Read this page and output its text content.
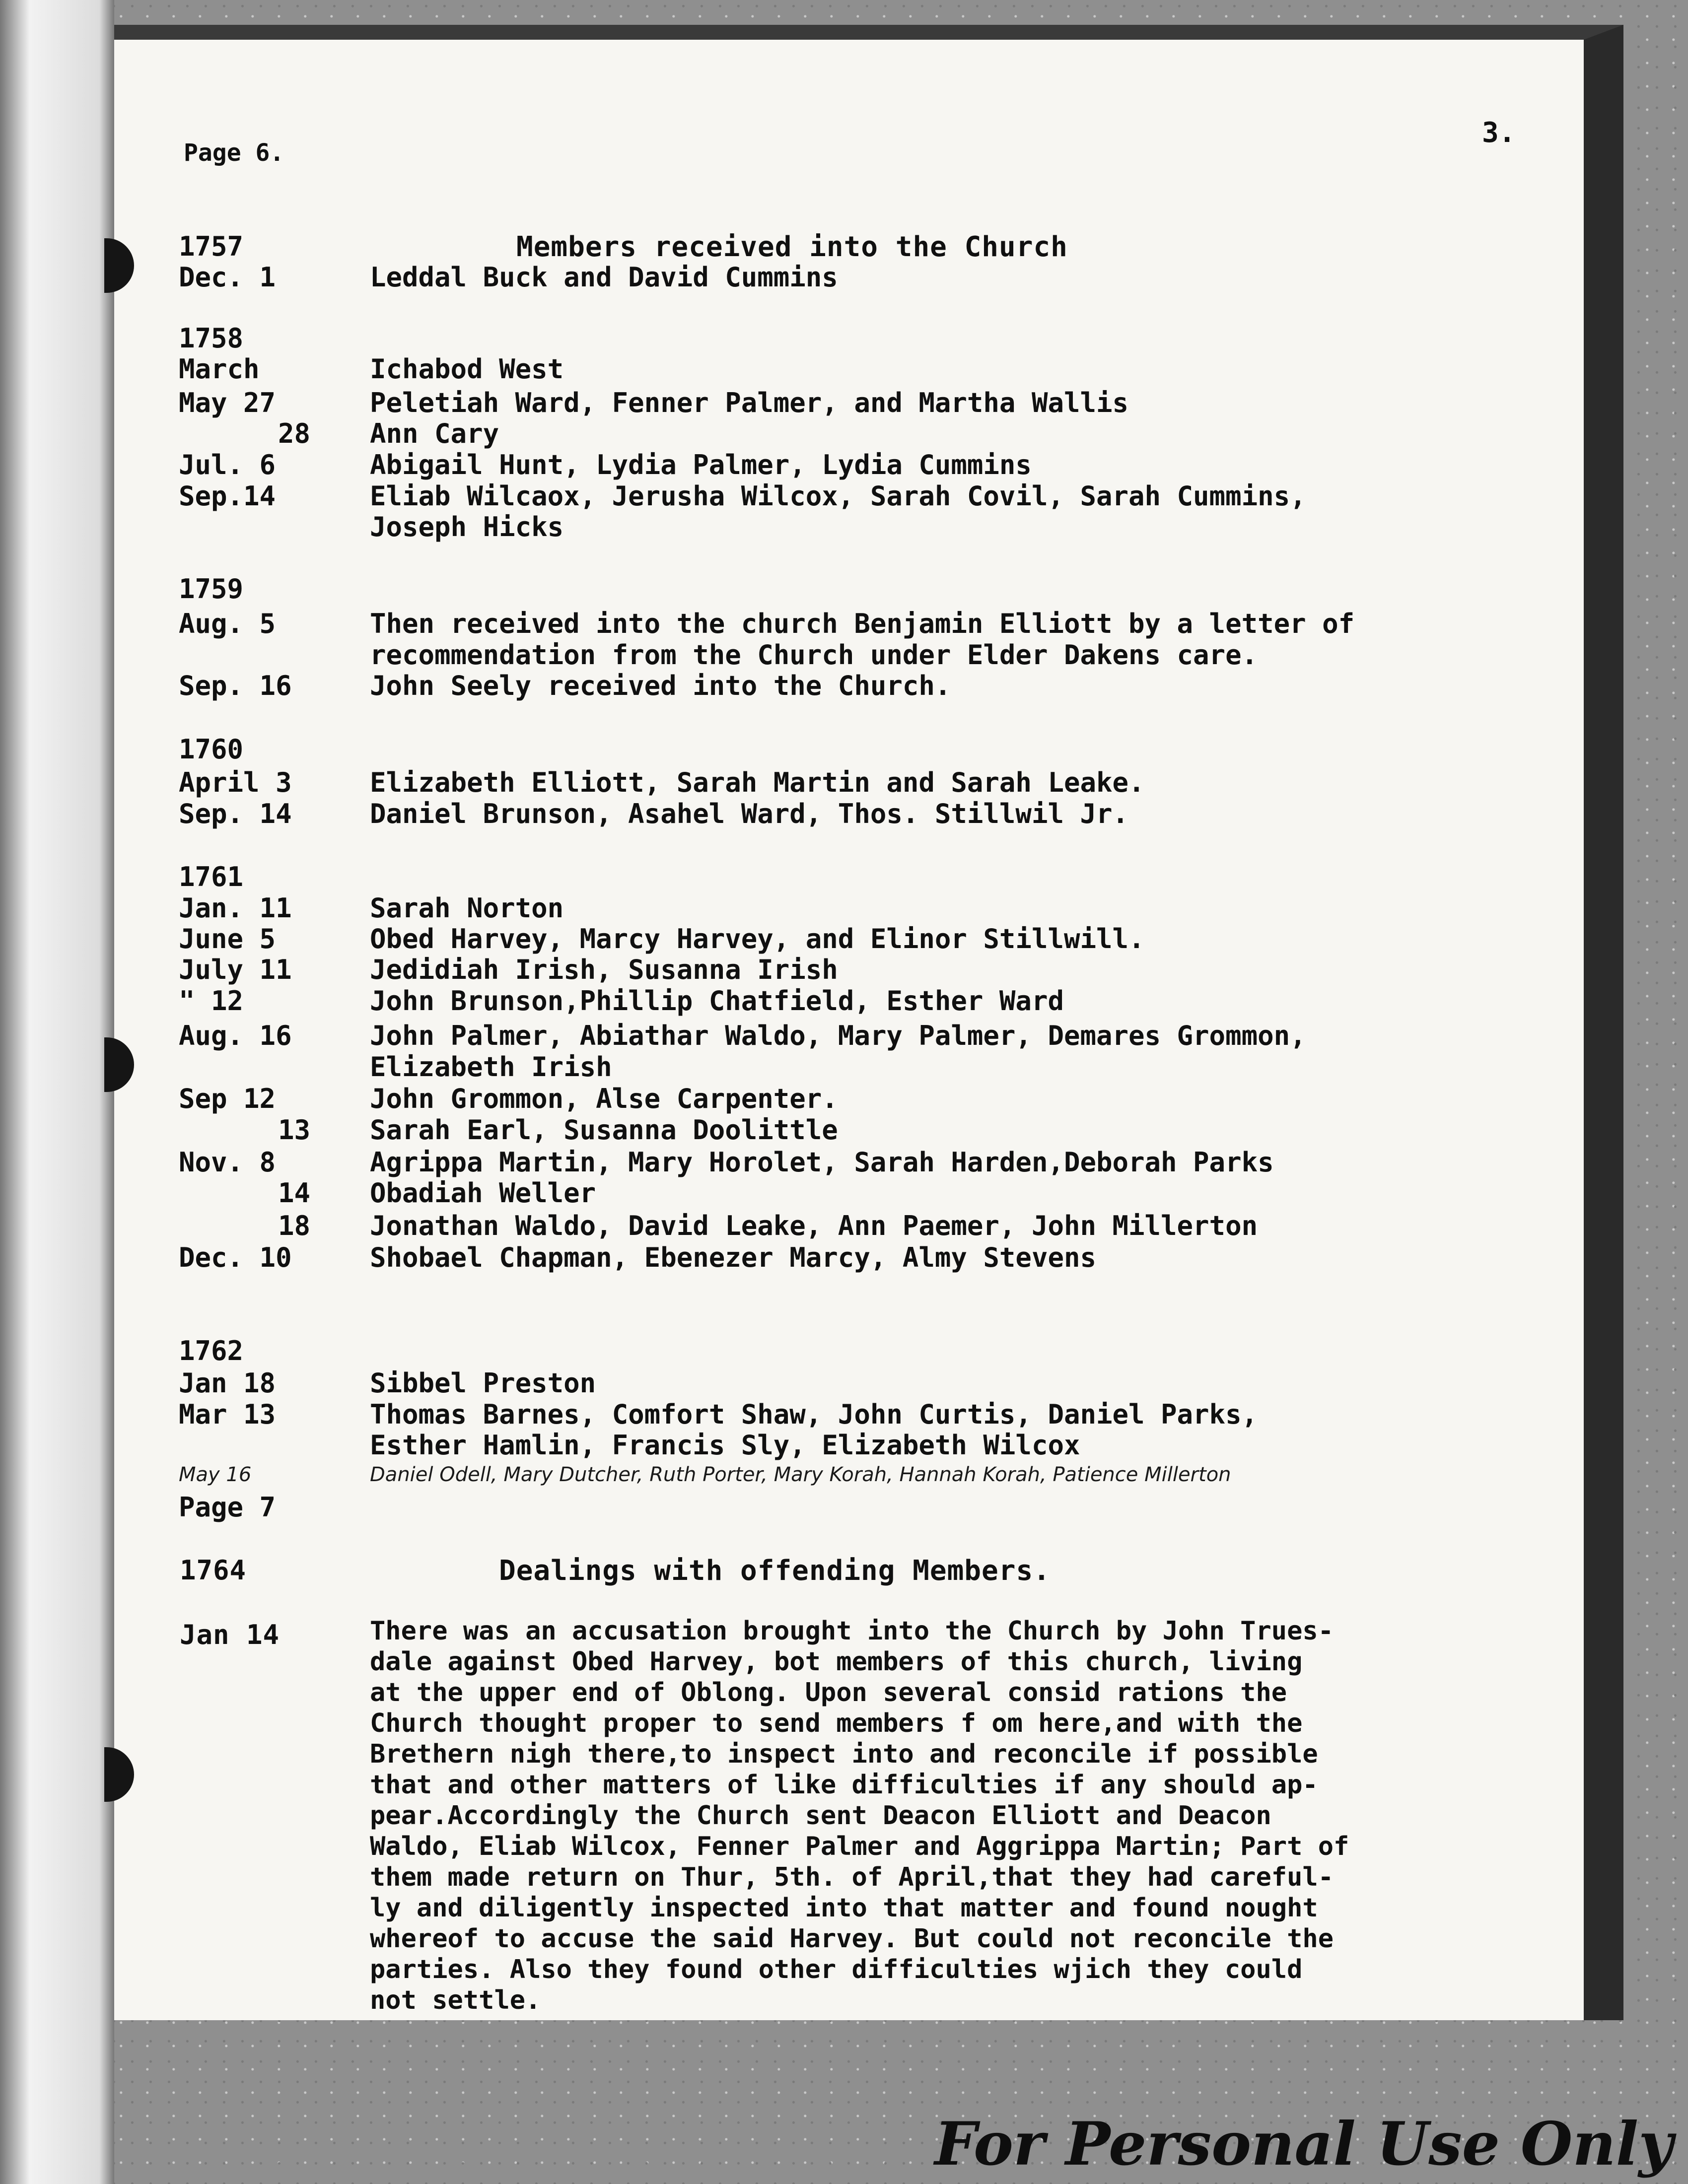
Page 6.
3.
Members received into the Church
1757
Dec. 1	Leddal Buck and David Cummins
1758
March	Ichabod West
May 27	Peletiah Ward, Fenner Palmer, and Martha Wallis
28 Ann Cary
Jul. 6	Abigail Hunt, Lydia Palmer, Lydia Cummins
Sep.14	Eliab Wilcaox, Jerusha Wilcox, Sarah Covil, Sarah Cummins,
Joseph Hicks
1759
Aug. 5	Then received into the church Benjamin Elliott by a letter of
recommendation from the Church under Elder Dakens care.
Sep. 16	John Seely received into the Church.
1760
April 3	Elizabeth Elliott, Sarah Martin and Sarah Leake.
Sep. 14	Daniel Brunson, Asahel Ward, Thos. Stillwil Jr.
1761
Jan. 11	Sarah Norton
June 5	Obed Harvey, Marcy Harvey, and Elinor Stillwill.
July 11	Jedidiah Irish, Susanna Irish
" 12	John Brunson,Phillip Chatfield, Esther Ward
Aug. 16	John Palmer, Abiathar Waldo, Mary Palmer, Demares Grommon,
Elizabeth Irish
Sep 12	John Grommon, Alse Carpenter.
13 Sarah Earl, Susanna Doolittle
Nov. 8	Agrippa Martin, Mary Horolet, Sarah Harden,Deborah Parks
14 Obadiah Weller
18 Jonathan Waldo, David Leake, Ann Paemer, John Millerton
Dec. 10	Shobael Chapman, Ebenezer Marcy, Almy Stevens
1762
Jan 18	Sibbel Preston
Mar 13	Thomas Barnes, Comfort Shaw, John Curtis, Daniel Parks,
Esther Hamlin, Francis Sly, Elizabeth Wilcox
May 16	Daniel Odell, Mary Dutcher, Ruth Porter, Mary Korah, Hannah Korah, Patience Millerton
Page 7
1764	Dealings with offending Members.
Jan 14	There was an accusation brought into the Church by John Trues-
dale against Obed Harvey, bot members of this church, living
at the upper end of Oblong. Upon several consid rations the
Church thought proper to send members f om here,and with the
Brethern nigh there,to inspect into and reconcile if possible
that and other matters of like difficulties if any should ap-
pear.Accordingly the Church sent Deacon Elliott and Deacon
Waldo, Eliab Wilcox, Fenner Palmer and Aggrippa Martin; Part of
them made return on Thur, 5th. of April,that they had careful-
ly and diligently inspected into that matter and found nought
whereof to accuse the said Harvey. But could not reconcile the
parties. Also they found other difficulties wjich they could
not settle.
For Personal Use Only
